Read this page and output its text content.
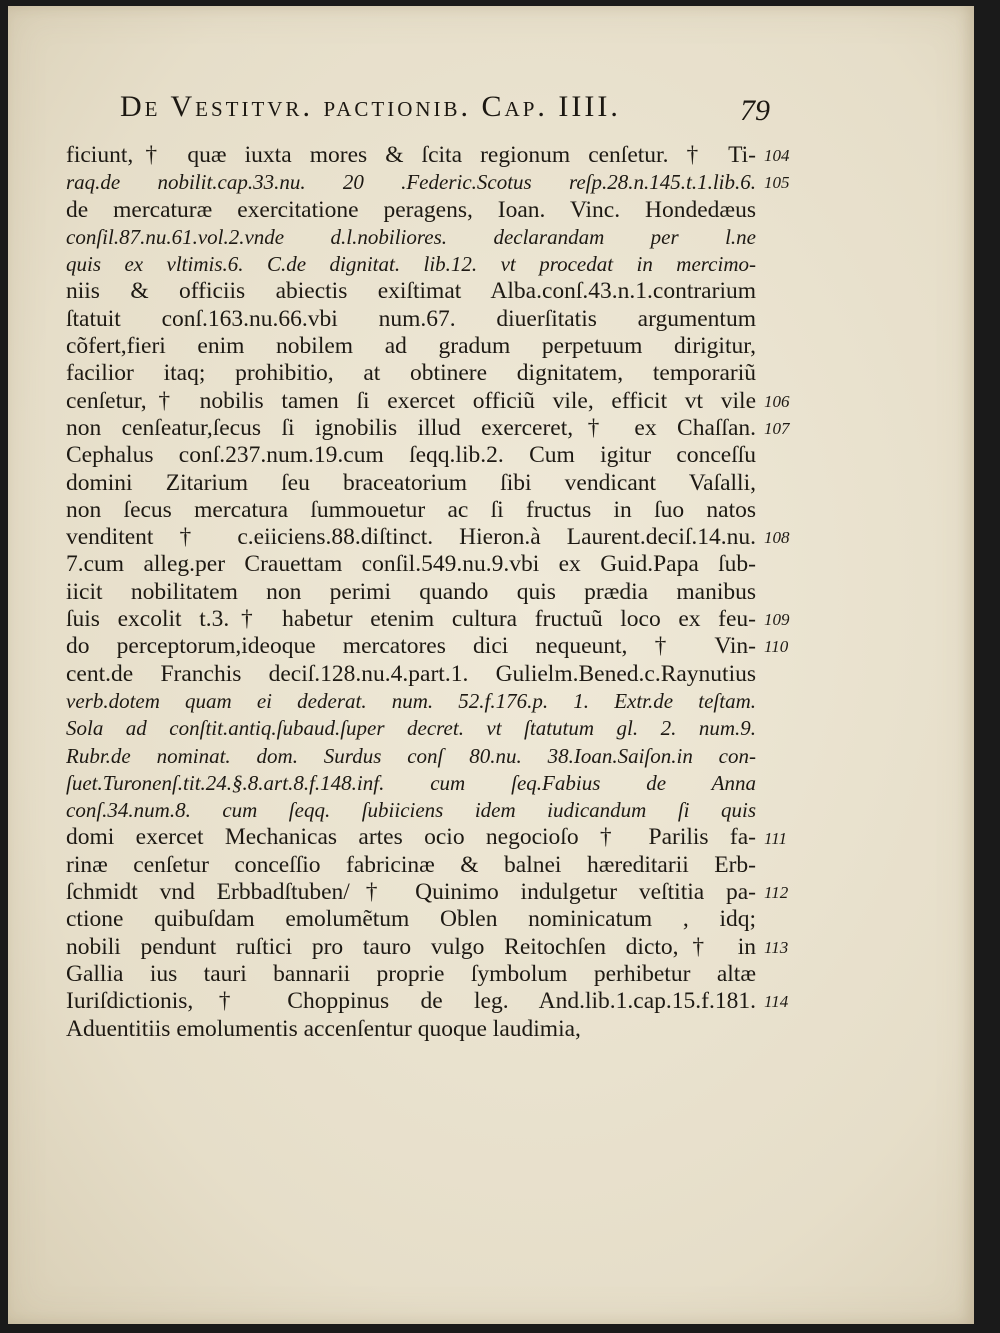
De Vestitvr. pactionib. Cap. IIII.	79
ficiunt,† quæ iuxta mores & ſcita regionum cenſetur. † Ti-
raq.de nobilit.cap.33.nu. 20 .Federic.Scotus reſp.28.n.145.t.1.lib.6.
de mercaturæ exercitatione peragens, Ioan. Vinc. Hondedæus
conſil.87.nu.61.vol.2.vnde d.l.nobiliores. declarandam per l.ne
quis ex vltimis.6. C.de dignitat. lib.12. vt procedat in mercimo-
niis & officiis abiectis exiſtimat Alba.conſ.43.n.1.contrarium
ſtatuit conſ.163.nu.66.vbi num.67. diuerſitatis argumentum
cõfert,fieri enim nobilem ad gradum perpetuum dirigitur,
facilior itaq; prohibitio, at obtinere dignitatem, temporariũ
cenſetur,† nobilis tamen ſi exercet officiũ vile, efficit vt vile
non cenſeatur,ſecus ſi ignobilis illud exerceret,† ex Chaſſan.
Cephalus conſ.237.num.19.cum ſeqq.lib.2. Cum igitur conceſſu
domini Zitarium ſeu braceatorium ſibi vendicant Vaſalli,
non ſecus mercatura ſummouetur ac ſi fructus in ſuo natos
venditent † c.eiiciens.88.diſtinct. Hieron.à Laurent.deciſ.14.nu.
7.cum alleg.per Crauettam conſil.549.nu.9.vbi ex Guid.Papa ſub-
iicit nobilitatem non perimi quando quis prædia manibus
ſuis excolit t.3.† habetur etenim cultura fructuũ loco ex feu-
do perceptorum,ideoque mercatores dici nequeunt, † Vin-
cent.de Franchis deciſ.128.nu.4.part.1. Gulielm.Bened.c.Raynutius
verb.dotem quam ei dederat. num. 52.f.176.p. 1. Extr.de teſtam.
Sola ad conſtit.antiq.ſubaud.ſuper decret. vt ſtatutum gl. 2. num.9.
Rubr.de nominat. dom. Surdus conſ 80.nu. 38.Ioan.Saiſon.in con-
ſuet.Turonenſ.tit.24.§.8.art.8.f.148.inf. cum ſeq.Fabius de Anna
conſ.34.num.8. cum ſeqq. ſubiiciens idem iudicandum ſi quis
domi exercet Mechanicas artes ocio negocioſo † Parilis fa-
rinæ cenſetur conceſſio fabricinæ & balnei hæreditarii Erb-
ſchmidt vnd Erbbadſtuben/† Quinimo indulgetur veſtitia pa-
ctione quibuſdam emolumẽtum Oblen nominicatum , idq;
nobili pendunt ruſtici pro tauro vulgo Reitochſen dicto,† in
Gallia ius tauri bannarii proprie ſymbolum perhibetur altæ
Iuriſdictionis,† Choppinus de leg. And.lib.1.cap.15.f.181.
Aduentitiis emolumentis accenſentur quoque laudimia,
104
105
106
107
108
109
110
111
112
113
114
